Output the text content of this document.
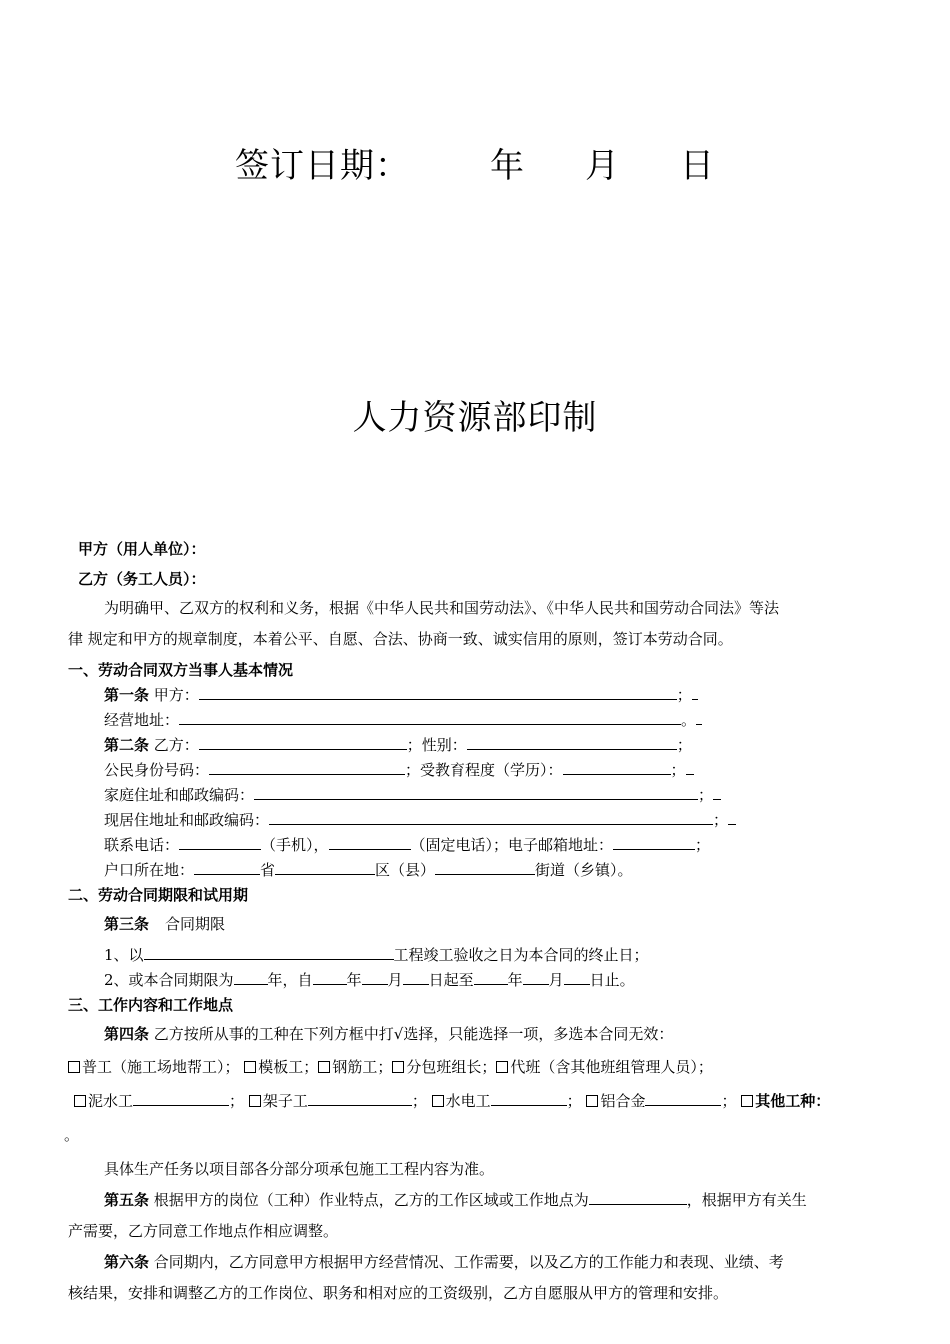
签订日期： 年 月 日
人力资源部印制
甲方（用人单位）：
乙方（务工人员）：
为明确甲、乙双方的权利和义务，根据《中华人民共和国劳动法》、《中华人民共和国劳动合同法》等法
律 规定和甲方的规章制度，本着公平、自愿、合法、协商一致、诚实信用的原则，签订本劳动合同。
一、劳动合同双方当事人基本情况
第一条 甲方：	；
经营地址：	。
第二条 乙方：	；性别：	；
公民身份号码：	；受教育程度（学历）：	；
家庭住址和邮政编码：	；
现居住地址和邮政编码：	；
联系电话：	（手机），	（固定电话）；电子邮箱地址：	；
户口所在地：	省	区（县）	街道（乡镇）。
二、劳动合同期限和试用期
第三条 合同期限
1、以	工程竣工验收之日为本合同的终止日；
2、或本合同期限为 年，自 年 月 日起至 年 月 日止。
三、工作内容和工作地点
第四条 乙方按所从事的工种在下列方框中打√选择，只能选择一项，多选本合同无效：
普工（施工场地帮工）； 模板工； 钢筋工； 分包班组长； 代班（含其他班组管理人员）；
泥水工	； 架子工	； 水电工	； 铝合金	； 其他工种：
。
具体生产任务以项目部各分部分项承包施工工程内容为准。
第五条 根据甲方的岗位（工种）作业特点，乙方的工作区域或工作地点为	，根据甲方有关生
产需要，乙方同意工作地点作相应调整。
第六条 合同期内，乙方同意甲方根据甲方经营情况、工作需要，以及乙方的工作能力和表现、业绩、考
核结果，安排和调整乙方的工作岗位、职务和相对应的工资级别，乙方自愿服从甲方的管理和安排。
